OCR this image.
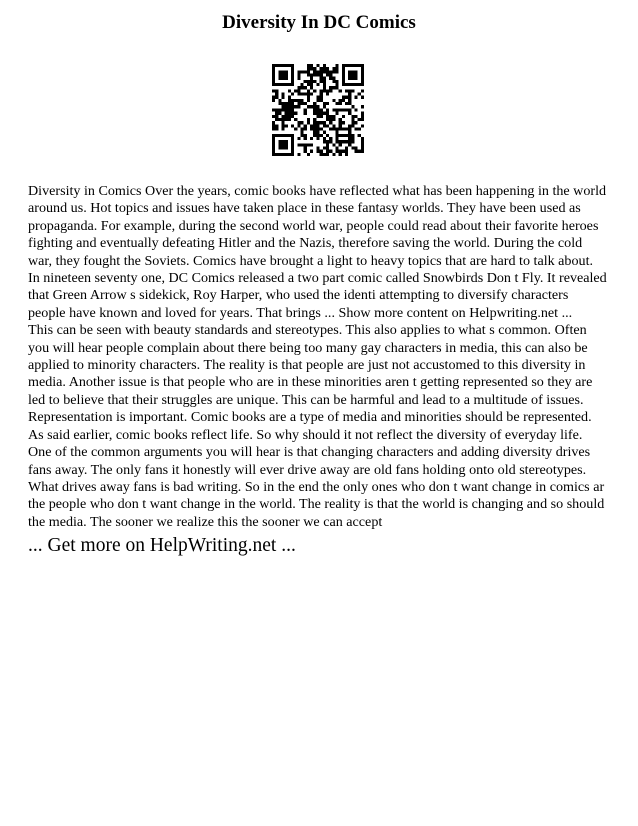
Diversity In DC Comics
Diversity in Comics Over the years, comic books have reflected what has been happening in the world
around us. Hot topics and issues have taken place in these fantasy worlds. They have been used as
propaganda. For example, during the second world war, people could read about their favorite heroes
fighting and eventually defeating Hitler and the Nazis, therefore saving the world. During the cold
war, they fought the Soviets. Comics have brought a light to heavy topics that are hard to talk about.
In nineteen seventy one, DC Comics released a two part comic called Snowbirds Don t Fly. It revealed
that Green Arrow s sidekick, Roy Harper, who used the identi attempting to diversify characters
people have known and loved for years. That brings ... Show more content on Helpwriting.net ...
This can be seen with beauty standards and stereotypes. This also applies to what s common. Often
you will hear people complain about there being too many gay characters in media, this can also be
applied to minority characters. The reality is that people are just not accustomed to this diversity in
media. Another issue is that people who are in these minorities aren t getting represented so they are
led to believe that their struggles are unique. This can be harmful and lead to a multitude of issues.
Representation is important. Comic books are a type of media and minorities should be represented.
As said earlier, comic books reflect life. So why should it not reflect the diversity of everyday life.
One of the common arguments you will hear is that changing characters and adding diversity drives
fans away. The only fans it honestly will ever drive away are old fans holding onto old stereotypes.
What drives away fans is bad writing. So in the end the only ones who don t want change in comics ar
the people who don t want change in the world. The reality is that the world is changing and so should
the media. The sooner we realize this the sooner we can accept
... Get more on HelpWriting.net ...
